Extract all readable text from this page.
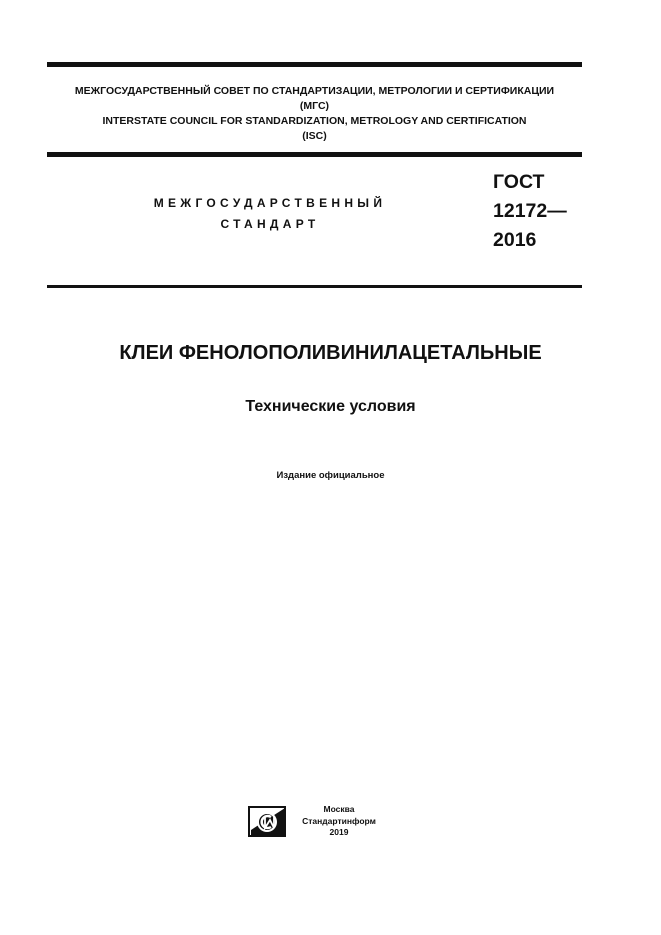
МЕЖГОСУДАРСТВЕННЫЙ СОВЕТ ПО СТАНДАРТИЗАЦИИ, МЕТРОЛОГИИ И СЕРТИФИКАЦИИ
(МГС)
INTERSTATE COUNCIL FOR STANDARDIZATION, METROLOGY AND CERTIFICATION
(ISC)
МЕЖГОСУДАРСТВЕННЫЙ
СТАНДАРТ
ГОСТ
12172—
2016
КЛЕИ ФЕНОЛОПОЛИВИНИЛАЦЕТАЛЬНЫЕ
Технические условия
Издание официальное
Москва
Стандартинформ
2019
